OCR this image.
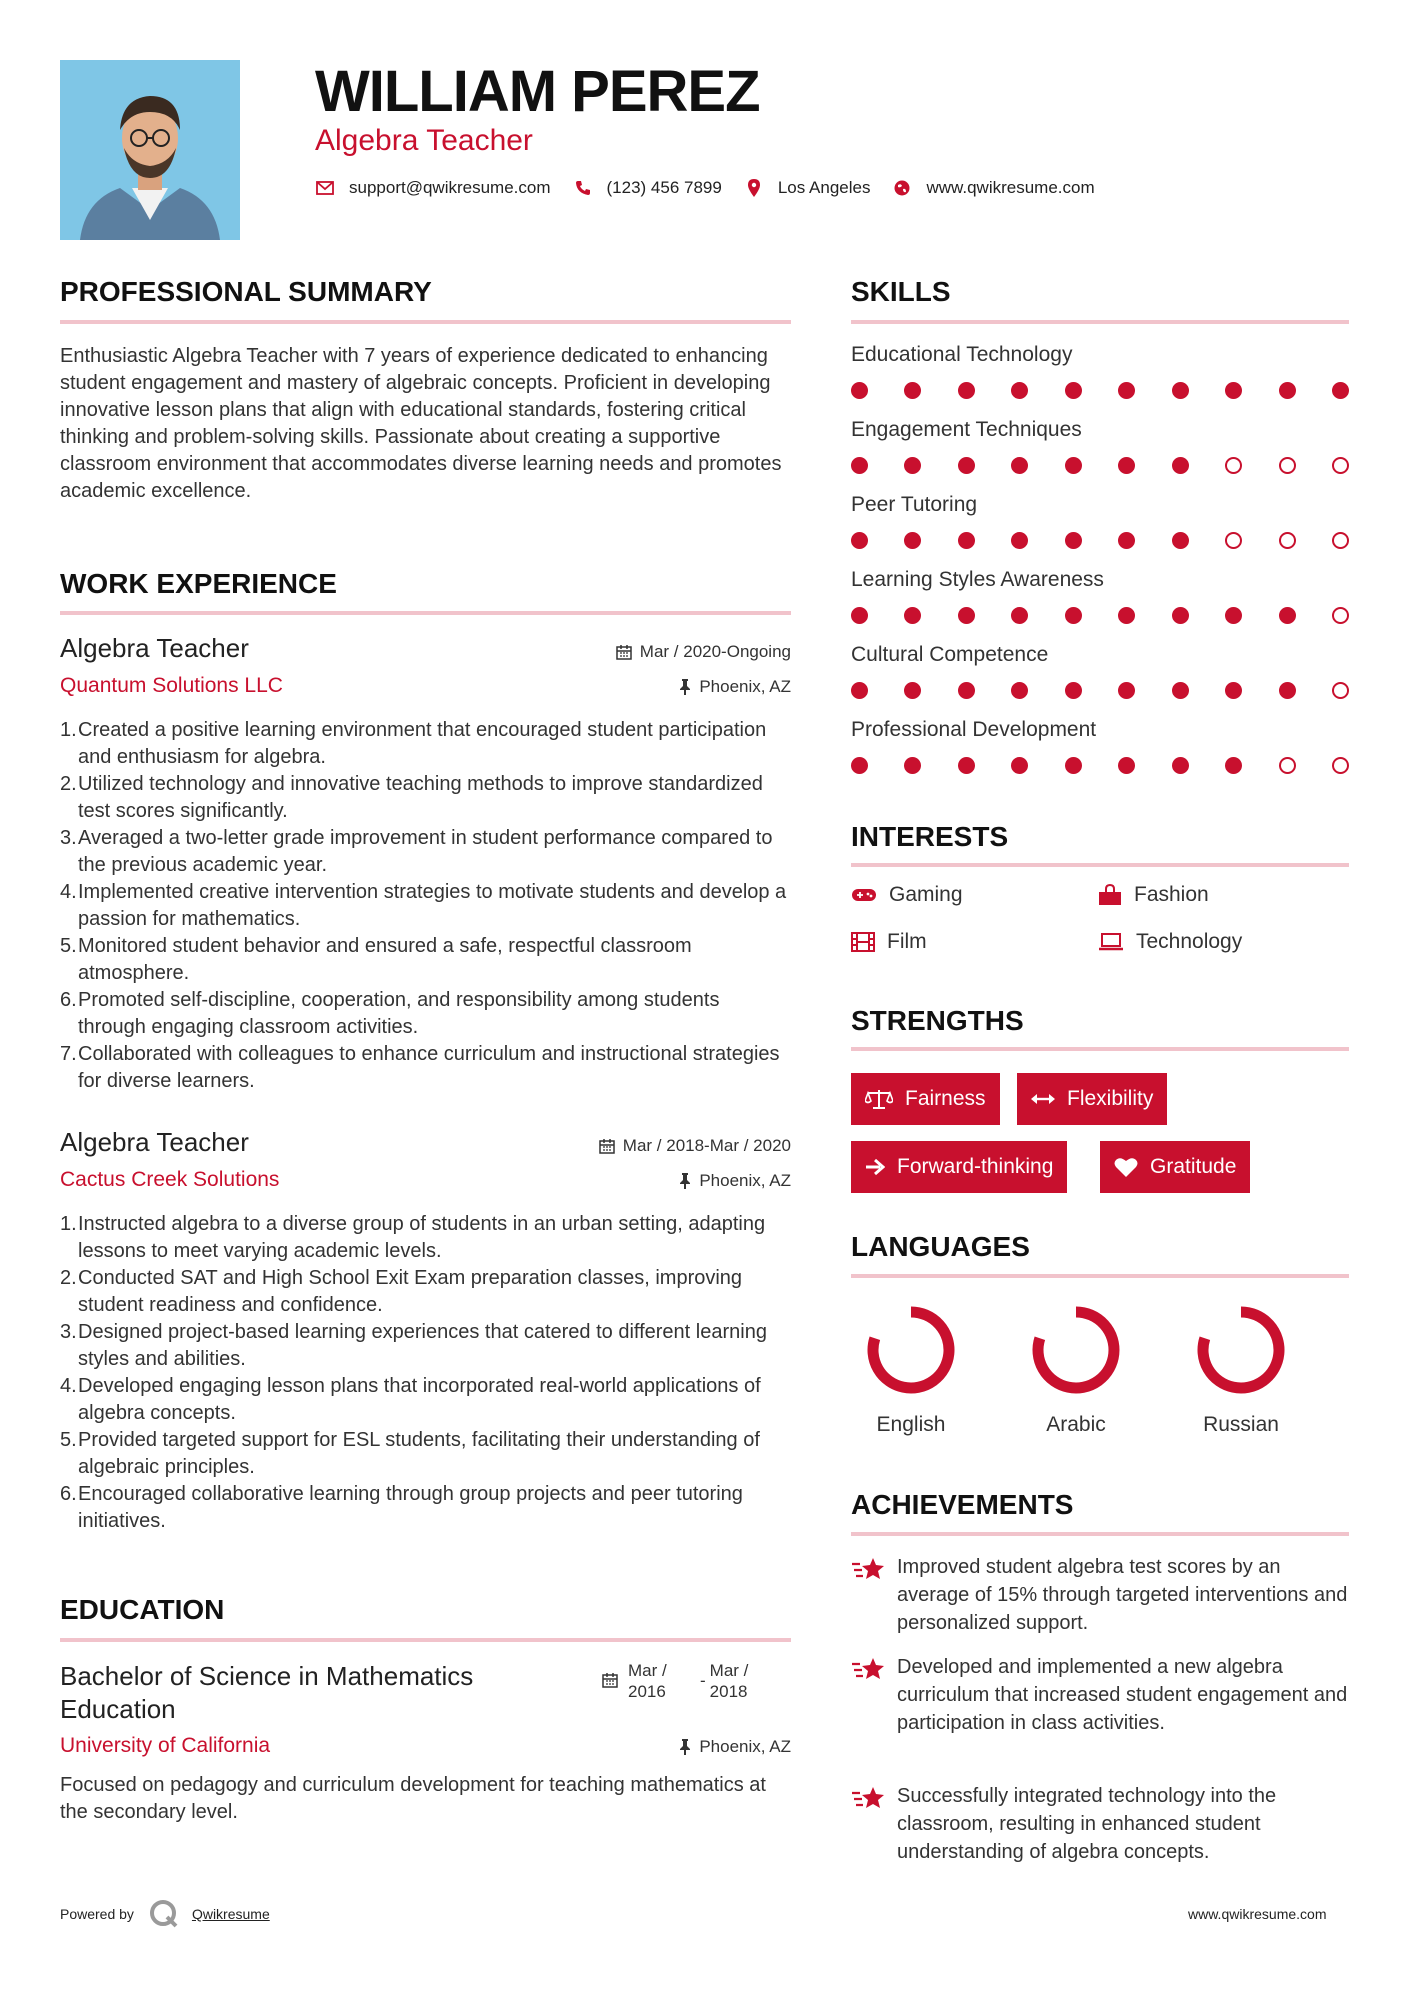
WILLIAM PEREZ
Algebra Teacher
support@qwikresume.com	(123) 456 7899	Los Angeles	www.qwikresume.com
PROFESSIONAL SUMMARY
Enthusiastic Algebra Teacher with 7 years of experience dedicated to enhancing student engagement and mastery of algebraic concepts. Proficient in developing innovative lesson plans that align with educational standards, fostering critical thinking and problem-solving skills. Passionate about creating a supportive classroom environment that accommodates diverse learning needs and promotes academic excellence.
WORK EXPERIENCE
Algebra Teacher	Mar / 2020-Ongoing
Quantum Solutions LLC	Phoenix, AZ
Created a positive learning environment that encouraged student participation and enthusiasm for algebra.
Utilized technology and innovative teaching methods to improve standardized test scores significantly.
Averaged a two-letter grade improvement in student performance compared to the previous academic year.
Implemented creative intervention strategies to motivate students and develop a passion for mathematics.
Monitored student behavior and ensured a safe, respectful classroom atmosphere.
Promoted self-discipline, cooperation, and responsibility among students through engaging classroom activities.
Collaborated with colleagues to enhance curriculum and instructional strategies for diverse learners.
Algebra Teacher	Mar / 2018-Mar / 2020
Cactus Creek Solutions	Phoenix, AZ
Instructed algebra to a diverse group of students in an urban setting, adapting lessons to meet varying academic levels.
Conducted SAT and High School Exit Exam preparation classes, improving student readiness and confidence.
Designed project-based learning experiences that catered to different learning styles and abilities.
Developed engaging lesson plans that incorporated real-world applications of algebra concepts.
Provided targeted support for ESL students, facilitating their understanding of algebraic principles.
Encouraged collaborative learning through group projects and peer tutoring initiatives.
EDUCATION
Bachelor of Science in Mathematics Education
Mar / 2016
-
Mar / 2018
University of California	Phoenix, AZ
Focused on pedagogy and curriculum development for teaching mathematics at the secondary level.
SKILLS
Educational Technology
Engagement Techniques
Peer Tutoring
Learning Styles Awareness
Cultural Competence
Professional Development
INTERESTS
Gaming	Fashion
Film	Technology
STRENGTHS
Fairness	Flexibility
Forward-thinking	Gratitude
LANGUAGES
English	Arabic	Russian
ACHIEVEMENTS

Improved student algebra test scores by an average of 15% through targeted interventions and personalized support.

Developed and implemented a new algebra curriculum that increased student engagement and participation in class activities.

Successfully integrated technology into the classroom, resulting in enhanced student understanding of algebra concepts.

Powered by	Qwikresume	www.qwikresume.com
